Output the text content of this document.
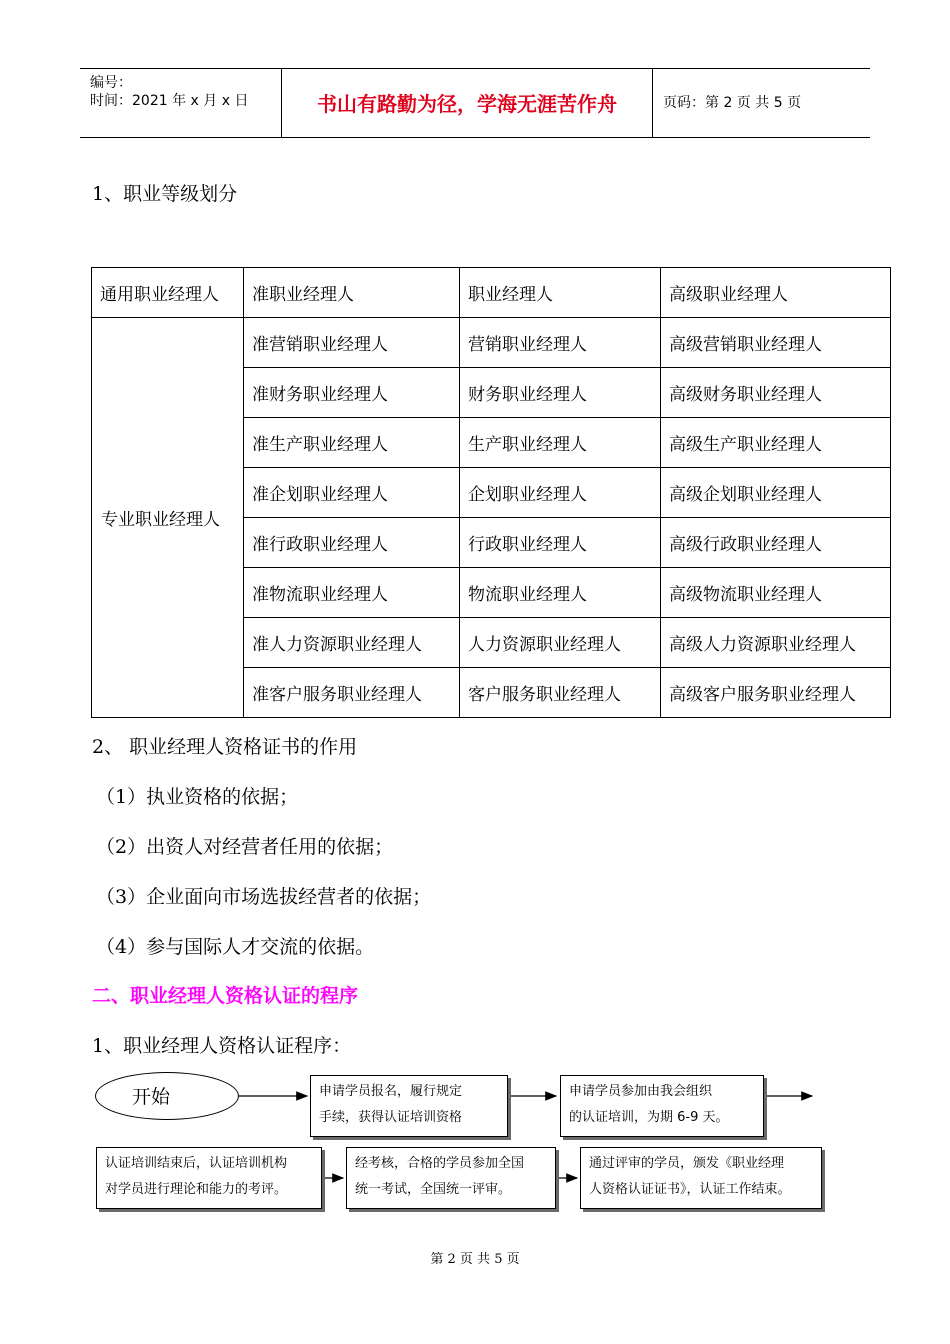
编号：
时间：2021 年 x 月 x 日	书山有路勤为径，学海无涯苦作舟	页码：第 2 页 共 5 页
1、职业等级划分
通用职业经理人	准职业经理人	职业经理人	高级职业经理人
专业职业经理人	准营销职业经理人	营销职业经理人	高级营销职业经理人
	准财务职业经理人	财务职业经理人	高级财务职业经理人
	准生产职业经理人	生产职业经理人	高级生产职业经理人
	准企划职业经理人	企划职业经理人	高级企划职业经理人
	准行政职业经理人	行政职业经理人	高级行政职业经理人
	准物流职业经理人	物流职业经理人	高级物流职业经理人
	准人力资源职业经理人	人力资源职业经理人	高级人力资源职业经理人
	准客户服务职业经理人	客户服务职业经理人	高级客户服务职业经理人
2、 职业经理人资格证书的作用
（1）执业资格的依据；
（2）出资人对经营者任用的依据；
（3）企业面向市场选拔经营者的依据；
（4）参与国际人才交流的依据。
二、职业经理人资格认证的程序
1、职业经理人资格认证程序：
开始	申请学员报名，履行规定
手续，获得认证培训资格
申请学员参加由我会组织
的认证培训，为期 6-9 天。
认证培训结束后，认证培训机构
对学员进行理论和能力的考评。
经考核，合格的学员参加全国
统一考试，全国统一评审。
通过评审的学员，颁发《职业经理
人资格认证证书》，认证工作结束。
第 2 页 共 5 页
